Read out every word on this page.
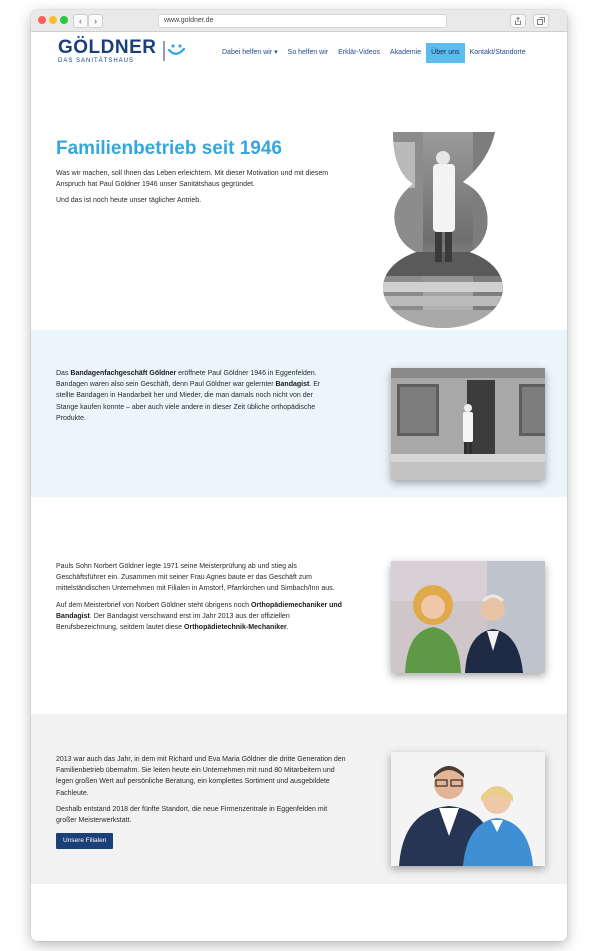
‹	›	www.goldner.de
GÖLDNER
DAS SANITÄTSHAUS
Dabei helfen wir ▾	So helfen wir	Erklär-Videos	Akademie	Über uns	Kontakt/Standorte
Familienbetrieb seit 1946

Was wir machen, soll Ihnen das Leben erleichtern. Mit dieser Motivation und mit diesem Anspruch hat Paul Göldner 1946 unser Sanitätshaus gegründet.

Und das ist noch heute unser täglicher Antrieb.

Das Bandagenfachgeschäft Göldner eröffnete Paul Göldner 1946 in Eggenfelden. Bandagen waren also sein Geschäft, denn Paul Göldner war gelernter Bandagist. Er stellte Bandagen in Handarbeit her und Mieder, die man damals noch nicht von der Stange kaufen konnte – aber auch viele andere in dieser Zeit übliche orthopädische Produkte.

Pauls Sohn Norbert Göldner legte 1971 seine Meisterprüfung ab und stieg als Geschäftsführer ein. Zusammen mit seiner Frau Agnes baute er das Geschäft zum mittelständischen Unternehmen mit Filialen in Arnstorf, Pfarrkirchen und Simbach/Inn aus.

Auf dem Meisterbrief von Norbert Göldner steht übrigens noch Orthopädiemechaniker und Bandagist. Der Bandagist verschwand erst im Jahr 2013 aus der offiziellen Berufsbezeichnung, seitdem lautet diese Orthopädietechnik-Mechaniker.

2013 war auch das Jahr, in dem mit Richard und Eva Maria Göldner die dritte Generation den Familienbetrieb übernahm. Sie leiten heute ein Unternehmen mit rund 80 Mitarbeitern und legen großen Wert auf persönliche Beratung, ein komplettes Sortiment und ausgebildete Fachleute.

Deshalb entstand 2018 der fünfte Standort, die neue Firmenzentrale in Eggenfelden mit großer Meisterwerkstatt.

Unsere Filialen
